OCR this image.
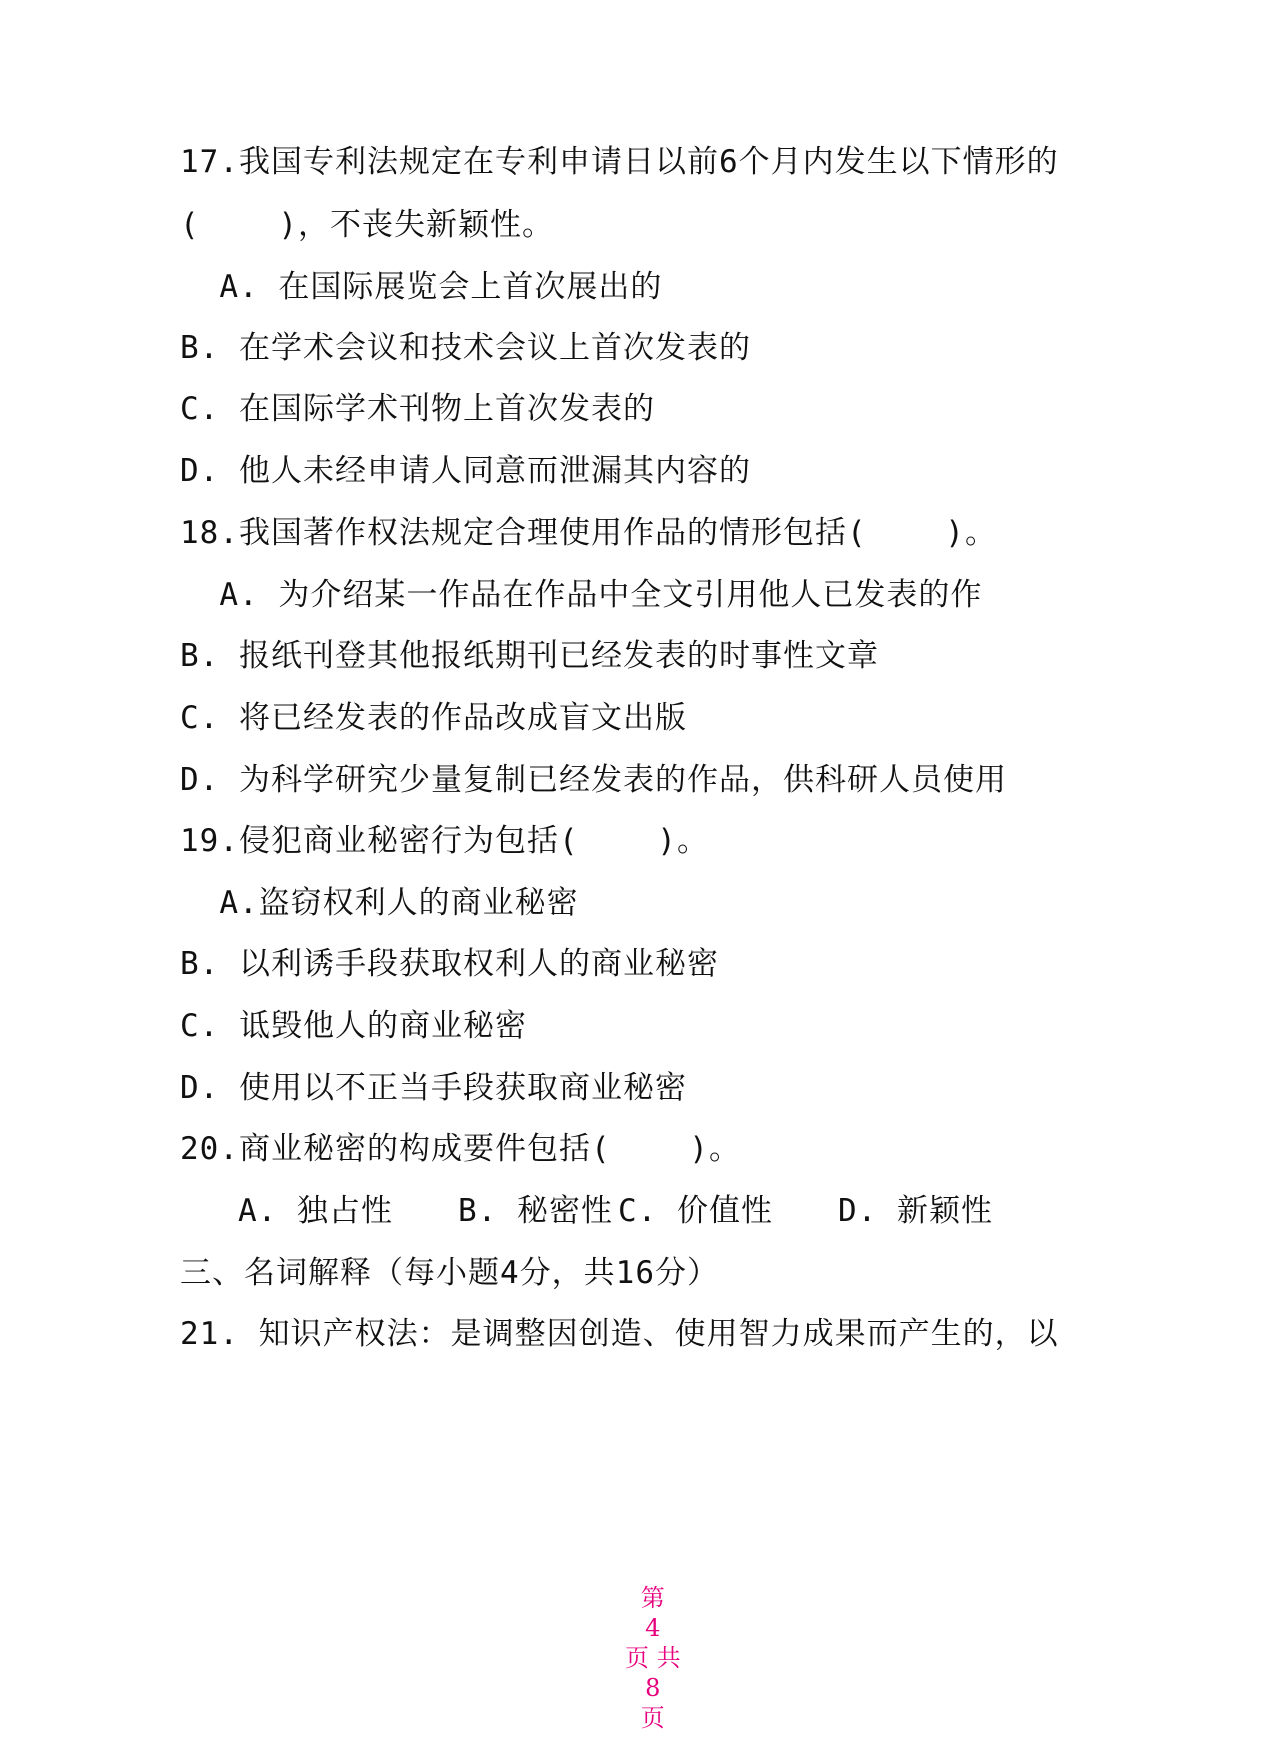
17.我国专利法规定在专利申请日以前6个月内发生以下情形的
(    )，不丧失新颖性。
A. 在国际展览会上首次展出的
B. 在学术会议和技术会议上首次发表的
C. 在国际学术刊物上首次发表的
D. 他人未经申请人同意而泄漏其内容的
18.我国著作权法规定合理使用作品的情形包括(    )。
A. 为介绍某一作品在作品中全文引用他人已发表的作
B. 报纸刊登其他报纸期刊已经发表的时事性文章
C. 将已经发表的作品改成盲文出版
D. 为科学研究少量复制已经发表的作品，供科研人员使用
19.侵犯商业秘密行为包括(    )。
A.盗窃权利人的商业秘密
B. 以利诱手段获取权利人的商业秘密
C. 诋毁他人的商业秘密
D. 使用以不正当手段获取商业秘密
20.商业秘密的构成要件包括(    )。
A. 独占性	B. 秘密性 C. 价值性	D. 新颖性
三、名词解释（每小题4分，共16分）
21. 知识产权法：是调整因创造、使用智力成果而产生的，以

第
4
页 共
8
页
